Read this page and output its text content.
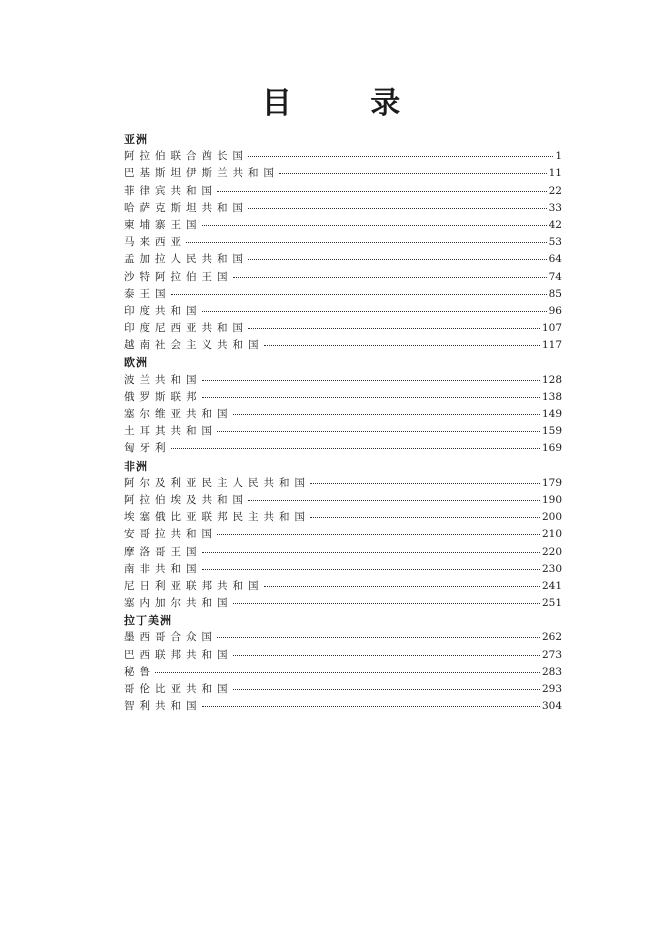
目 录
亚洲
阿拉伯联合酋长国	1
巴基斯坦伊斯兰共和国	11
菲律宾共和国	22
哈萨克斯坦共和国	33
柬埔寨王国	42
马来西亚	53
孟加拉人民共和国	64
沙特阿拉伯王国	74
泰王国	85
印度共和国	96
印度尼西亚共和国	107
越南社会主义共和国	117
欧洲
波兰共和国	128
俄罗斯联邦	138
塞尔维亚共和国	149
土耳其共和国	159
匈牙利	169
非洲
阿尔及利亚民主人民共和国	179
阿拉伯埃及共和国	190
埃塞俄比亚联邦民主共和国	200
安哥拉共和国	210
摩洛哥王国	220
南非共和国	230
尼日利亚联邦共和国	241
塞内加尔共和国	251
拉丁美洲
墨西哥合众国	262
巴西联邦共和国	273
秘鲁	283
哥伦比亚共和国	293
智利共和国	304
